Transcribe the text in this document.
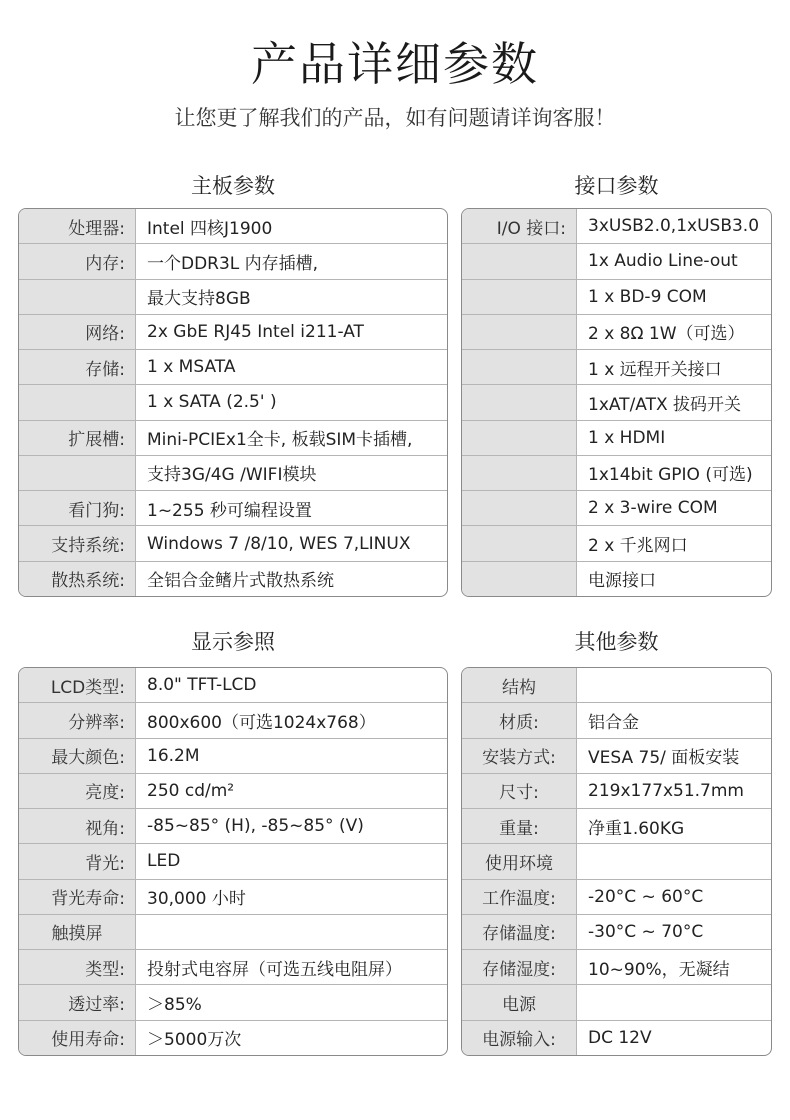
产品详细参数
让您更了解我们的产品，如有问题请详询客服！
主板参数
处理器:	Intel 四核J1900
内存:	一个DDR3L 内存插槽,
最大支持8GB
网络:	2x GbE RJ45 Intel i211-AT
存储:	1 x MSATA
1 x SATA (2.5' )
扩展槽:	Mini-PCIEx1全卡, 板载SIM卡插槽,
支持3G/4G /WIFI模块
看门狗:	1~255 秒可编程设置
支持系统:	Windows 7 /8/10, WES 7,LINUX
散热系统:	全铝合金鳍片式散热系统
接口参数
I/O 接口:	3xUSB2.0,1xUSB3.0
1x Audio Line-out
1 x BD-9 COM
2 x 8Ω 1W（可选）
1 x 远程开关接口
1xAT/ATX 拔码开关
1 x HDMI
1x14bit GPIO (可选)
2 x 3-wire COM
2 x 千兆网口
电源接口
显示参照
LCD类型:	8.0" TFT-LCD
分辨率:	800x600（可选1024x768）
最大颜色:	16.2M
亮度:	250 cd/m²
视角:	-85~85° (H), -85~85° (V)
背光:	LED
背光寿命:	30,000 小时
触摸屏
类型:	投射式电容屏（可选五线电阻屏）
透过率:	＞85%
使用寿命:	＞5000万次
其他参数
结构
材质:	铝合金
安装方式:	VESA 75/ 面板安装
尺寸:	219x177x51.7mm
重量:	净重1.60KG
使用环境
工作温度:	-20°C ~ 60°C
存储温度:	-30°C ~ 70°C
存储湿度:	10~90%，无凝结
电源
电源输入:	DC 12V
